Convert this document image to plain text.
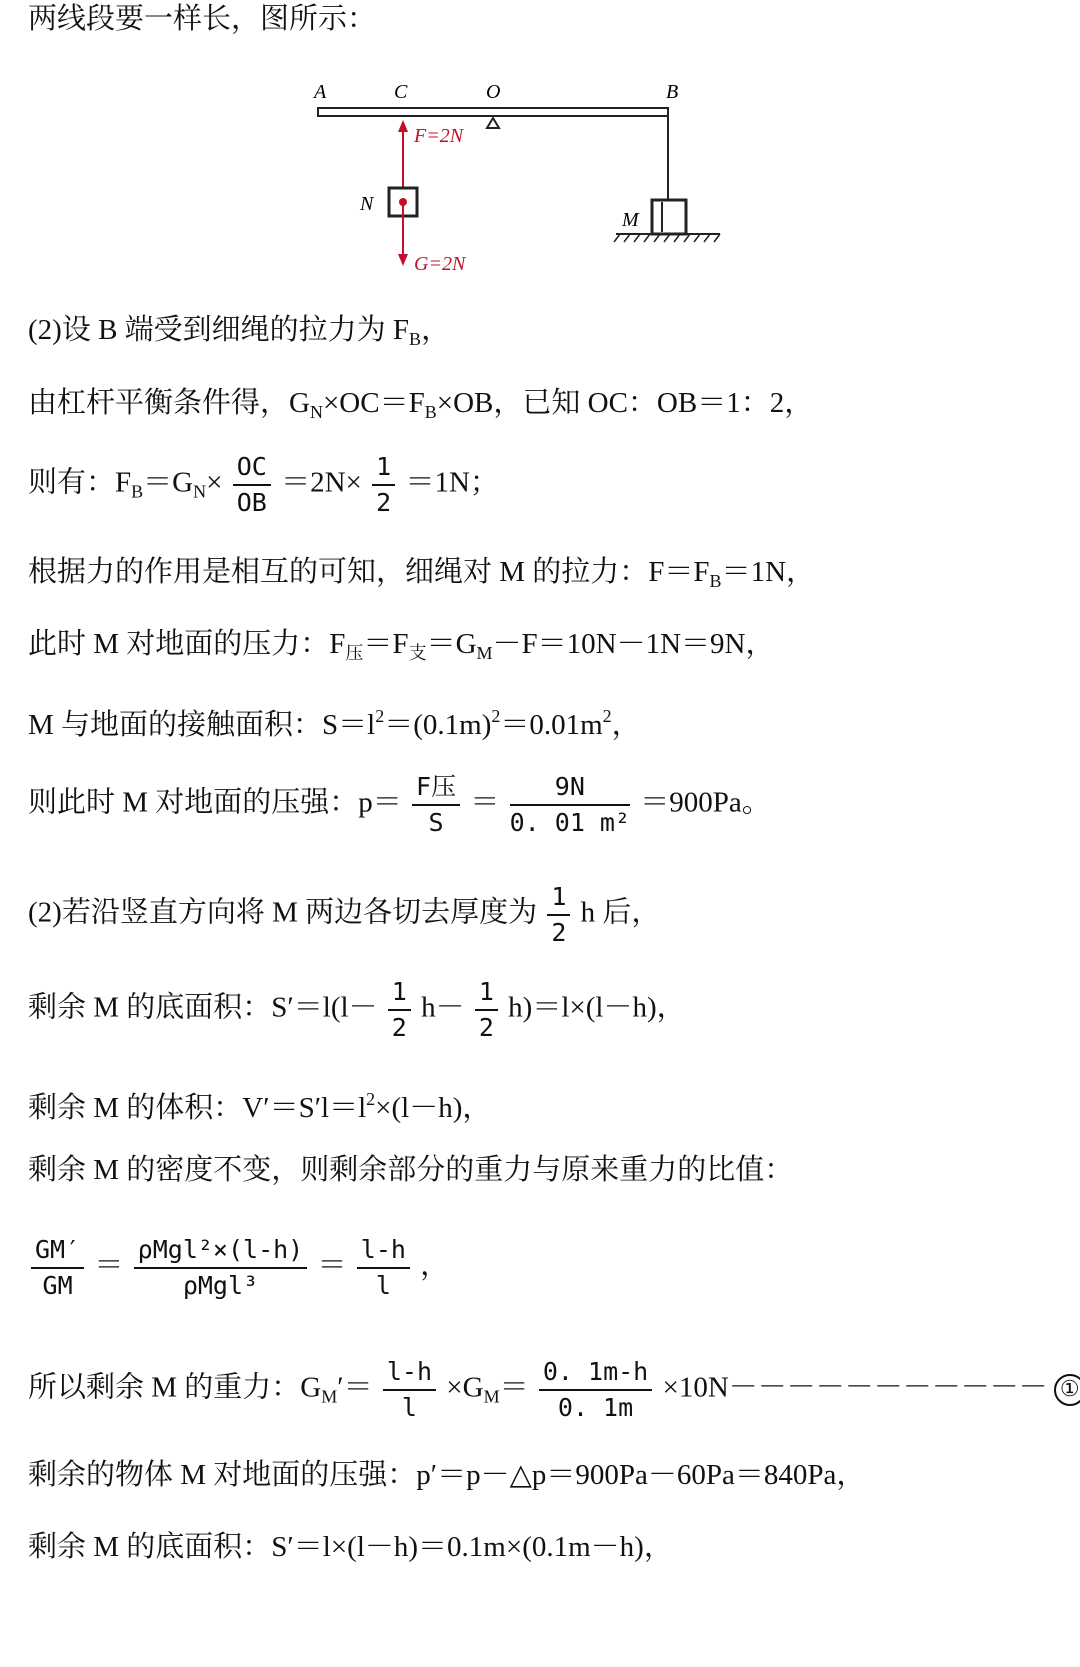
两线段要一样长，图所示：
A	C	O	B
F=2N
N
G=2N
M
(2)设 B 端受到细绳的拉力为 $F_B$，
由杠杆平衡条件得，$G_N\times OC=F_B\times OB$，已知 OC：OB＝1：2，
则有：$F_B=G_N\times \frac{OC}{OB} =2N\times \frac{1}{2} =1N$；
根据力的作用是相互的可知，细绳对 M 的拉力：$F=F_B=1N$，
此时 M 对地面的压力：$F_压=F_支=G_M-F=10N-1N=9N$，
M 与地面的接触面积：$S=l^2=(0.1m)^2=0.01m^2$，
则此时 M 对地面的压强：$p= \frac{\text{F压}}{S} = \frac{9N}{\text{0. 01 m²}} =900Pa$。
(2)若沿竖直方向将 M 两边各切去厚度为 $\frac{1}{2}$ h 后，
剩余 M 的底面积：$S'=l(l- \frac{1}{2} h- \frac{1}{2} h)=l\times(l-h)$，
剩余 M 的体积：$V'=S'l=l^2\times(l-h)$，
剩余 M 的密度不变，则剩余部分的重力与原来重力的比值：
$\frac{GM'}{GM} = \frac{\text{ρMgl²×(l-h)}}{\text{ρMgl³}} = \frac{l-h}{l}$ ，
所以剩余 M 的重力：$G_M'= \frac{l-h}{l} \times G_M= \frac{0. 1m-h}{0. 1m} \times 10N-----------$ ①
剩余的物体 M 对地面的压强：p′＝p－△p＝900Pa－60Pa＝840Pa，
剩余 M 的底面积：S′＝l×(l－h)＝0.1m×(0.1m－h)，
